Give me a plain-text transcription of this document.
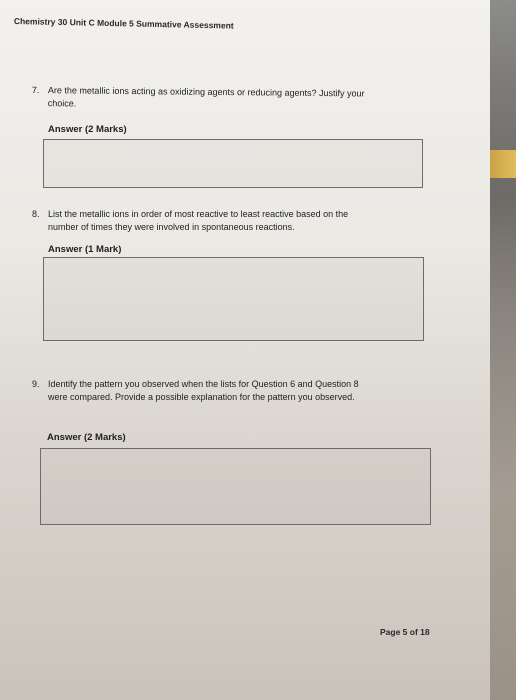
Chemistry 30 Unit C Module 5 Summative Assessment
7. Are the metallic ions acting as oxidizing agents or reducing agents? Justify your
choice.
Answer (2 Marks)
8. List the metallic ions in order of most reactive to least reactive based on the
number of times they were involved in spontaneous reactions.
Answer (1 Mark)
9. Identify the pattern you observed when the lists for Question 6 and Question 8
were compared. Provide a possible explanation for the pattern you observed.
Answer (2 Marks)
Page 5 of 18
